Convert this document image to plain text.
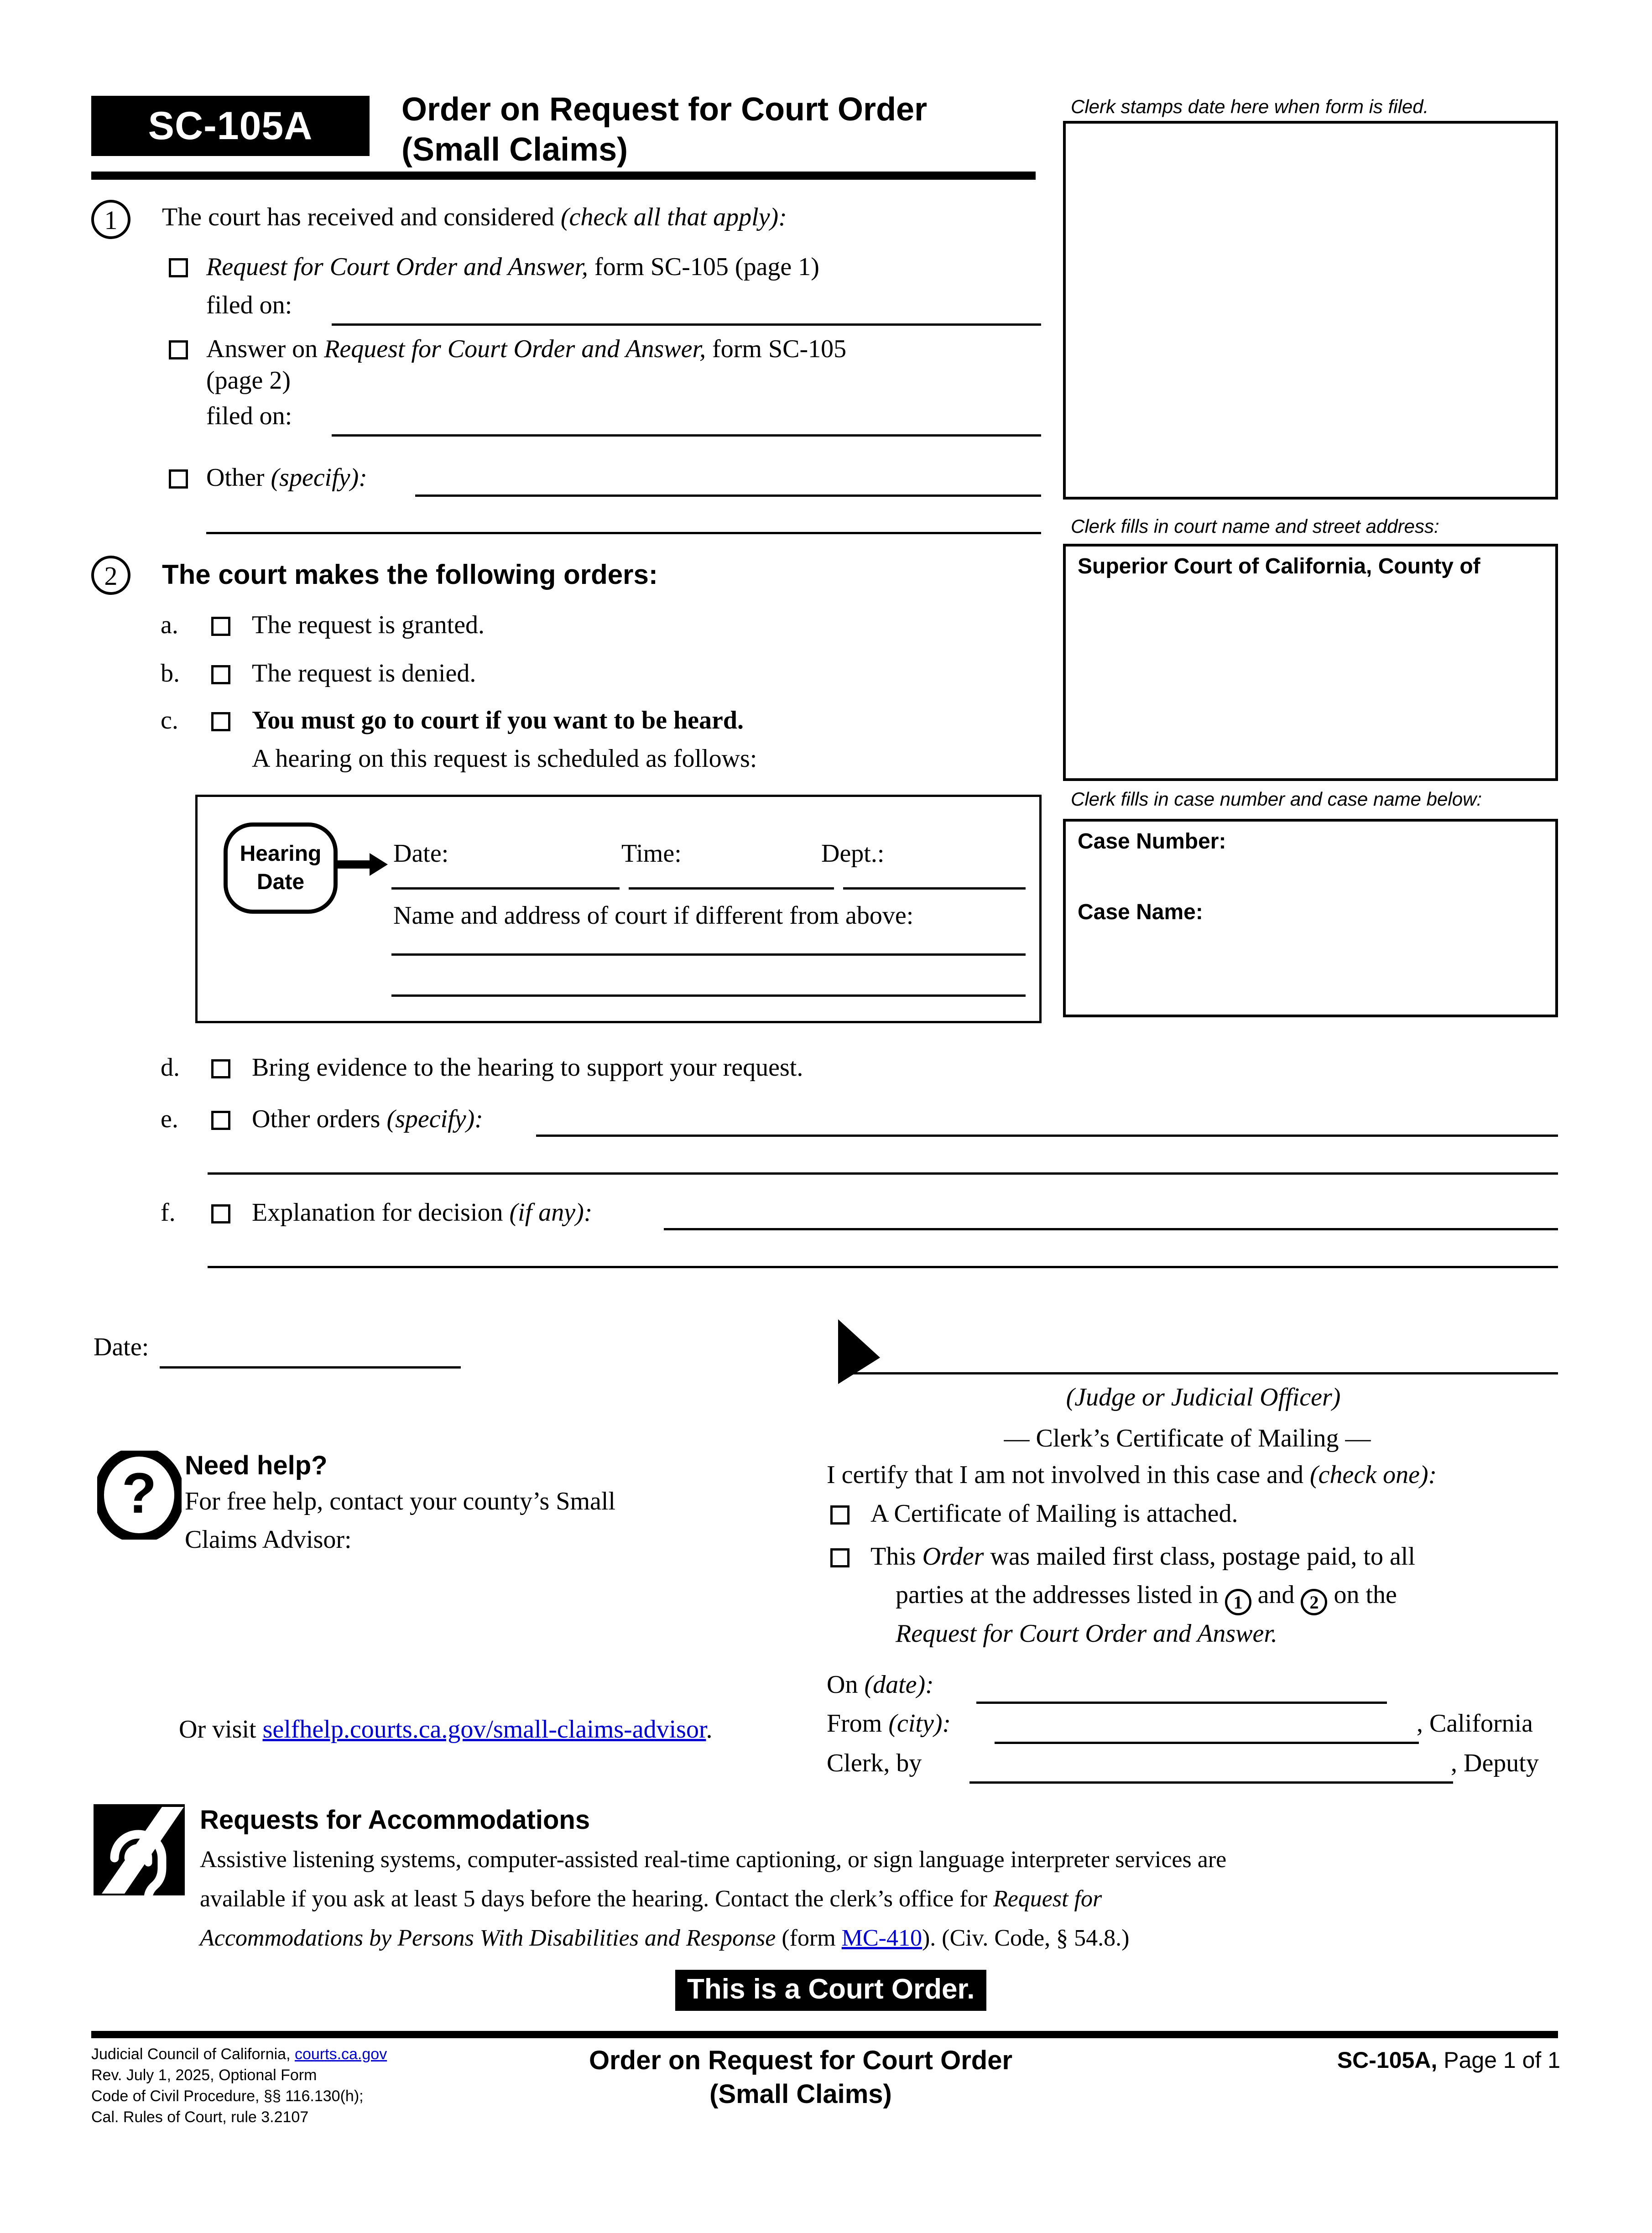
SC-105A	Order on Request for Court Order
(Small Claims)
Clerk stamps date here when form is filed.
Clerk fills in court name and street address:
Superior Court of California, County of
Clerk fills in case number and case name below:
Case Number:
Case Name:
1	The court has received and considered (check all that apply):
Request for Court Order and Answer, form SC-105 (page 1)
filed on:
Answer on Request for Court Order and Answer, form SC-105
(page 2)
filed on:
Other (specify):
2	The court makes the following orders:
a.	The request is granted.
b.	The request is denied.
c.	You must go to court if you want to be heard.
A hearing on this request is scheduled as follows:
Hearing
Date
Date:	Time:	Dept.:
Name and address of court if different from above:
d.	Bring evidence to the hearing to support your request.
e.	Other orders (specify):
f.	Explanation for decision (if any):
Date:
(Judge or Judicial Officer)
? Need help?
For free help, contact your county’s Small
Claims Advisor:
Or visit selfhelp.courts.ca.gov/small-claims-advisor.
— Clerk’s Certificate of Mailing —
I certify that I am not involved in this case and (check one):
A Certificate of Mailing is attached.
This Order was mailed first class, postage paid, to all
parties at the addresses listed in 1 and 2 on the
Request for Court Order and Answer.
On (date):
From (city):	, California
Clerk, by	, Deputy
Requests for Accommodations
Assistive listening systems, computer-assisted real-time captioning, or sign language interpreter services are
available if you ask at least 5 days before the hearing. Contact the clerk’s office for Request for
Accommodations by Persons With Disabilities and Response (form MC-410). (Civ. Code, § 54.8.)
This is a Court Order.
Judicial Council of California, courts.ca.gov
Rev. July 1, 2025, Optional Form
Code of Civil Procedure, §§ 116.130(h);
Cal. Rules of Court, rule 3.2107
Order on Request for Court Order
(Small Claims)
SC-105A, Page 1 of 1
